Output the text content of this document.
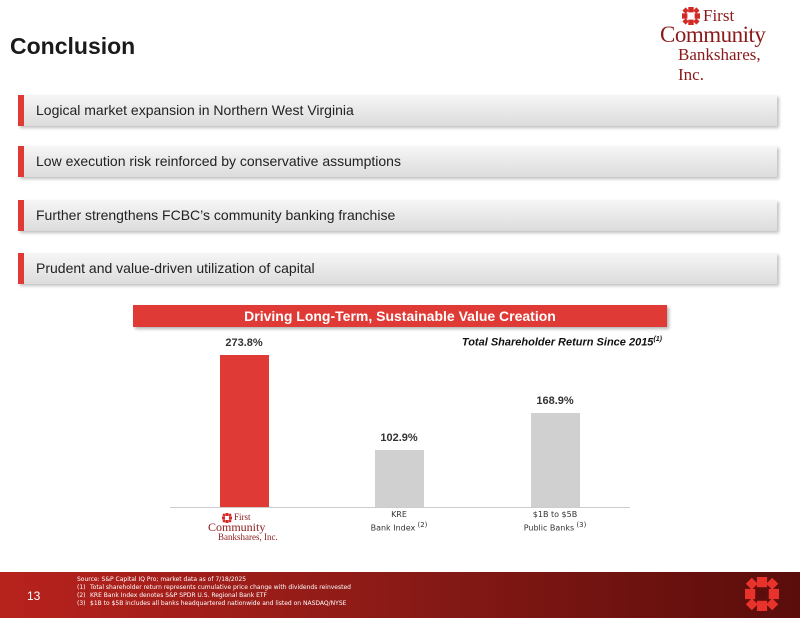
Conclusion
First
Community
Bankshares, Inc.
Logical market expansion in Northern West Virginia
Low execution risk reinforced by conservative assumptions
Further strengthens FCBC’s community banking franchise
Prudent and value-driven utilization of capital
Driving Long-Term, Sustainable Value Creation
Total Shareholder Return Since 2015$^{(1)}$
273.8%
102.9%
KRE
Bank Index $^{(2)}$
168.9%
$1B to $5B
Public Banks $^{(3)}$
First
Community
Bankshares, Inc.
13
Source: S&P Capital IQ Pro; market data as of 7/18/2025
(1) Total shareholder return represents cumulative price change with dividends reinvested
(2) KRE Bank Index denotes S&P SPDR U.S. Regional Bank ETF
(3) $1B to $5B includes all banks headquartered nationwide and listed on NASDAQ/NYSE
